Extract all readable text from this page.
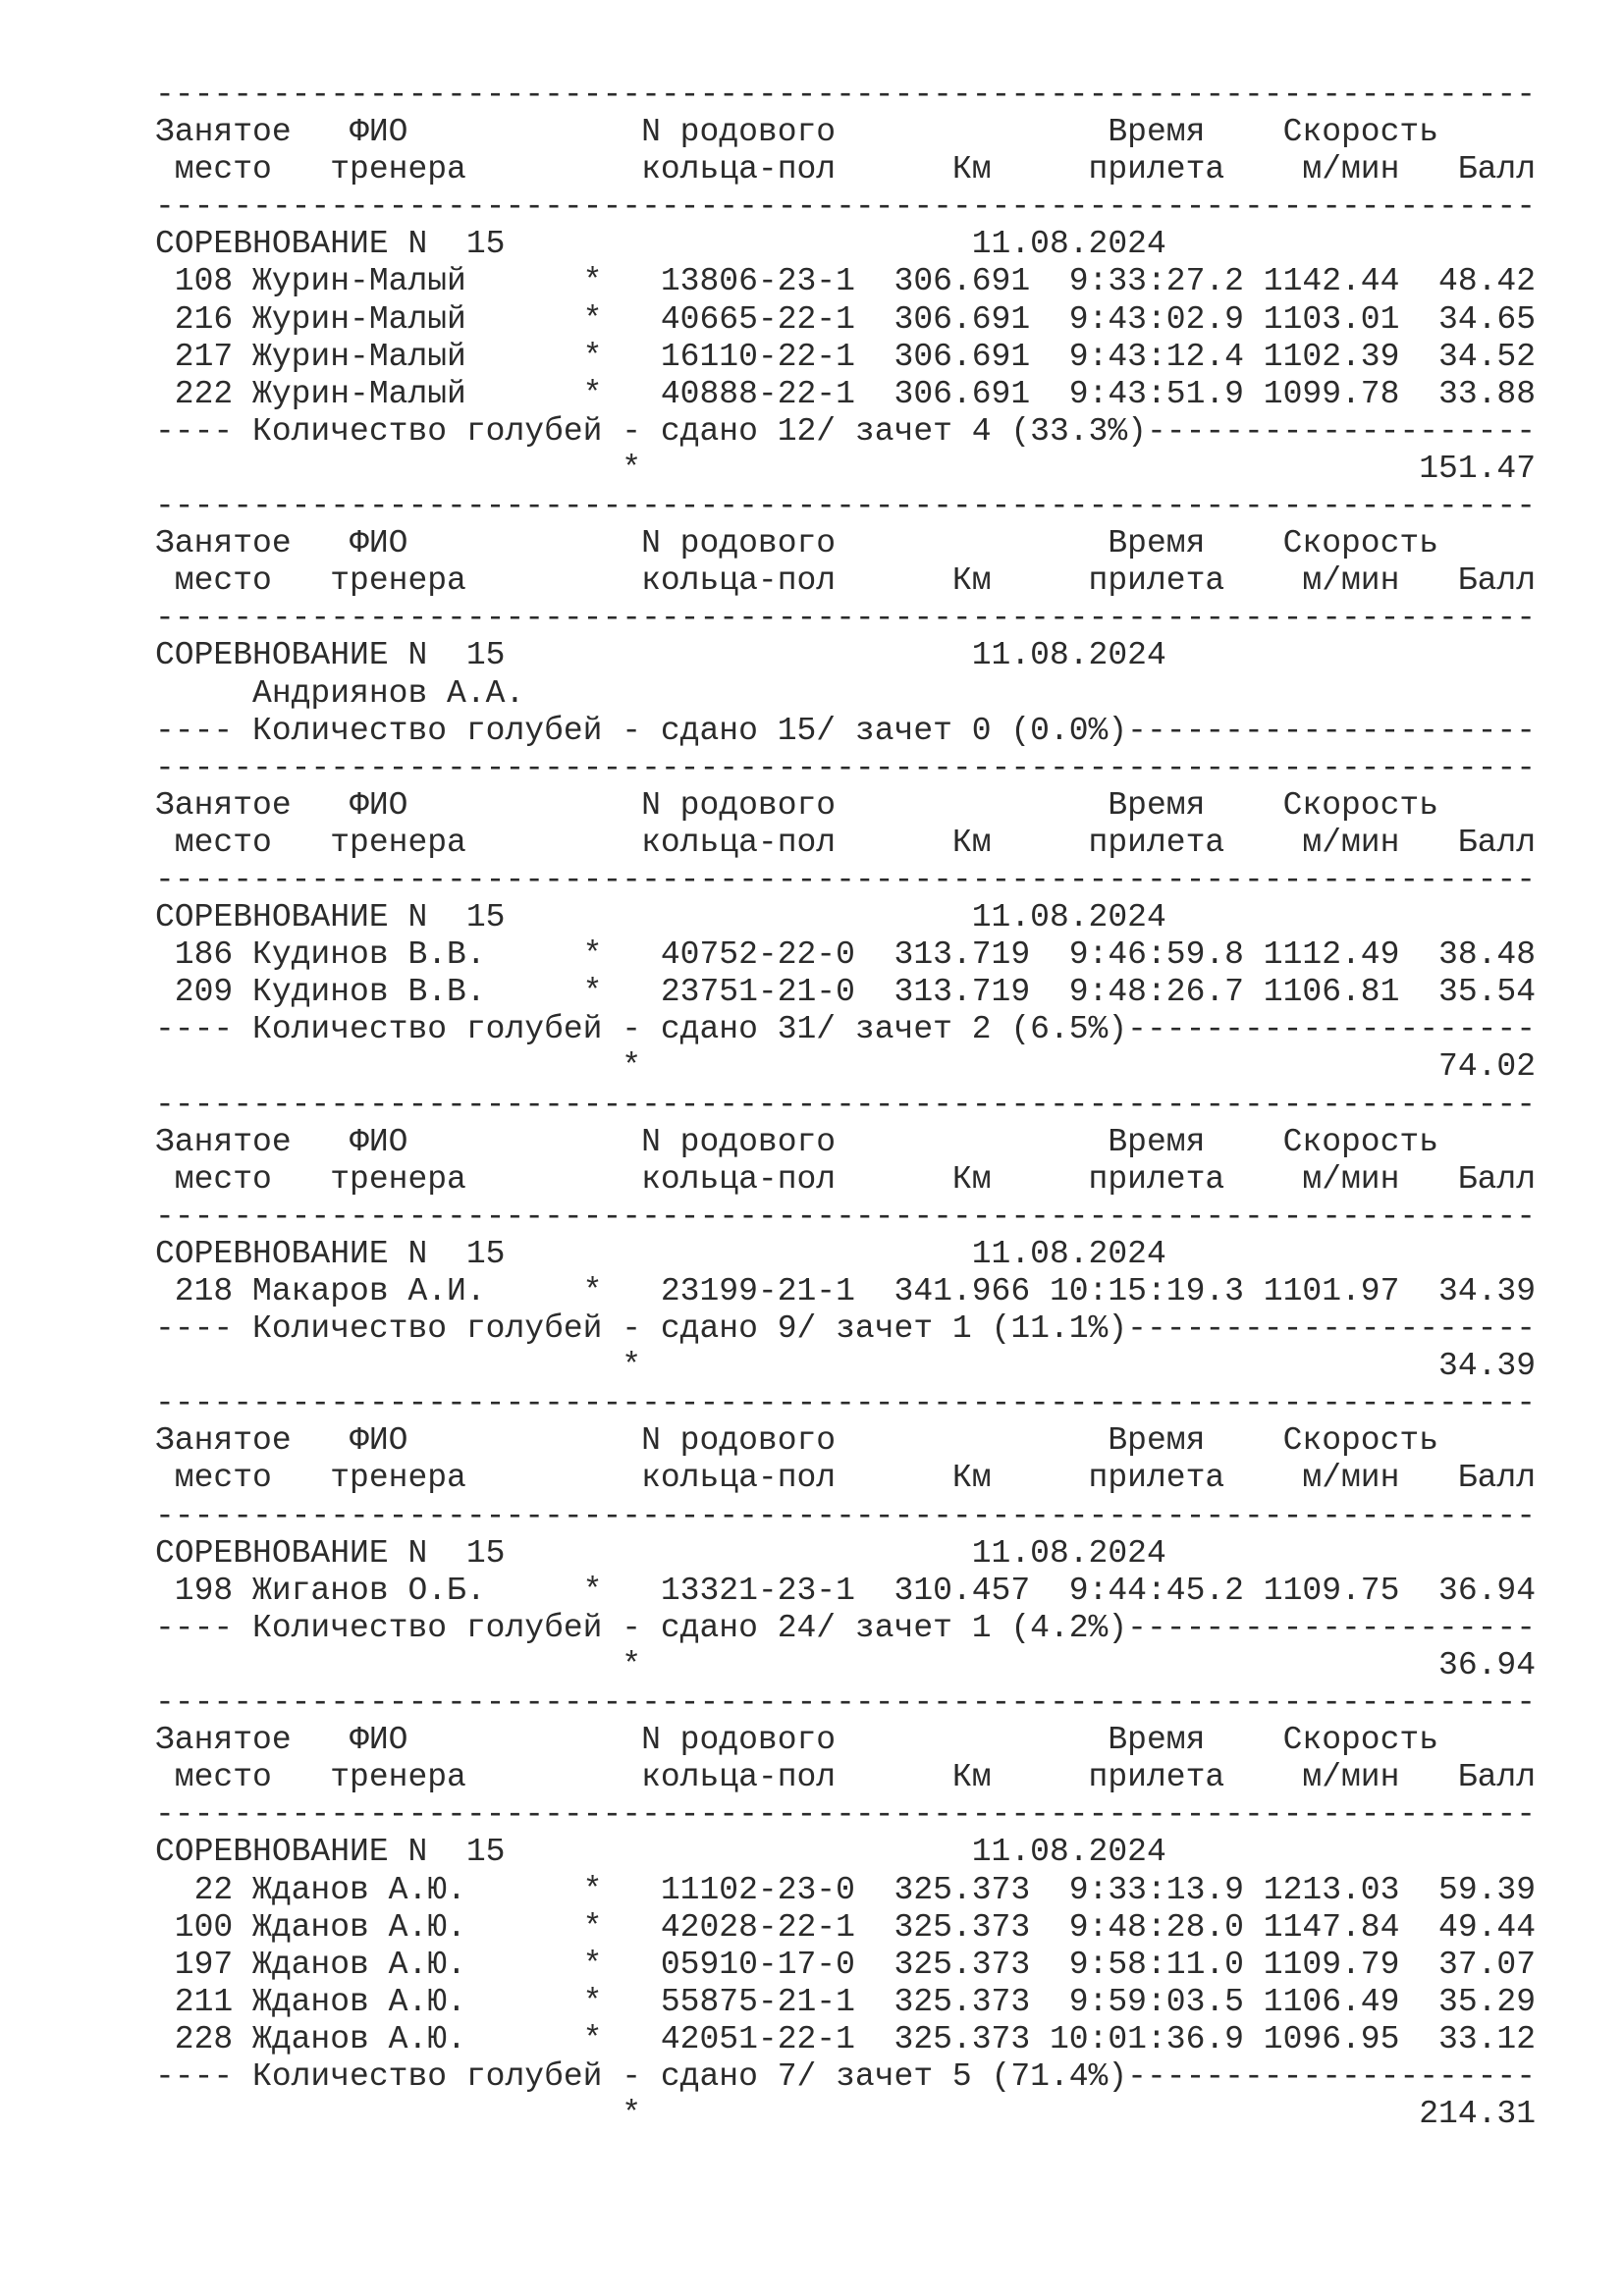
-----------------------------------------------------------------------
Занятое   ФИО            N родового              Время    Скорость
место   тренера         кольца-пол      Км     прилета    м/мин   Балл
-----------------------------------------------------------------------
СОРЕВНОВАНИЕ N  15                        11.08.2024
108 Журин-Малый      *   13806-23-1  306.691  9:33:27.2 1142.44  48.42
216 Журин-Малый      *   40665-22-1  306.691  9:43:02.9 1103.01  34.65
217 Журин-Малый      *   16110-22-1  306.691  9:43:12.4 1102.39  34.52
222 Журин-Малый      *   40888-22-1  306.691  9:43:51.9 1099.78  33.88
---- Количество голубей - сдано 12/ зачет 4 (33.3%)--------------------
*                                        151.47
-----------------------------------------------------------------------
Занятое   ФИО            N родового              Время    Скорость
место   тренера         кольца-пол      Км     прилета    м/мин   Балл
-----------------------------------------------------------------------
СОРЕВНОВАНИЕ N  15                        11.08.2024
Андриянов А.А.
---- Количество голубей - сдано 15/ зачет 0 (0.0%)---------------------
-----------------------------------------------------------------------
Занятое   ФИО            N родового              Время    Скорость
место   тренера         кольца-пол      Км     прилета    м/мин   Балл
-----------------------------------------------------------------------
СОРЕВНОВАНИЕ N  15                        11.08.2024
186 Кудинов В.В.     *   40752-22-0  313.719  9:46:59.8 1112.49  38.48
209 Кудинов В.В.     *   23751-21-0  313.719  9:48:26.7 1106.81  35.54
---- Количество голубей - сдано 31/ зачет 2 (6.5%)---------------------
*                                         74.02
-----------------------------------------------------------------------
Занятое   ФИО            N родового              Время    Скорость
место   тренера         кольца-пол      Км     прилета    м/мин   Балл
-----------------------------------------------------------------------
СОРЕВНОВАНИЕ N  15                        11.08.2024
218 Макаров А.И.     *   23199-21-1  341.966 10:15:19.3 1101.97  34.39
---- Количество голубей - сдано 9/ зачет 1 (11.1%)---------------------
*                                         34.39
-----------------------------------------------------------------------
Занятое   ФИО            N родового              Время    Скорость
место   тренера         кольца-пол      Км     прилета    м/мин   Балл
-----------------------------------------------------------------------
СОРЕВНОВАНИЕ N  15                        11.08.2024
198 Жиганов О.Б.     *   13321-23-1  310.457  9:44:45.2 1109.75  36.94
---- Количество голубей - сдано 24/ зачет 1 (4.2%)---------------------
*                                         36.94
-----------------------------------------------------------------------
Занятое   ФИО            N родового              Время    Скорость
место   тренера         кольца-пол      Км     прилета    м/мин   Балл
-----------------------------------------------------------------------
СОРЕВНОВАНИЕ N  15                        11.08.2024
22 Жданов А.Ю.      *   11102-23-0  325.373  9:33:13.9 1213.03  59.39
100 Жданов А.Ю.      *   42028-22-1  325.373  9:48:28.0 1147.84  49.44
197 Жданов А.Ю.      *   05910-17-0  325.373  9:58:11.0 1109.79  37.07
211 Жданов А.Ю.      *   55875-21-1  325.373  9:59:03.5 1106.49  35.29
228 Жданов А.Ю.      *   42051-22-1  325.373 10:01:36.9 1096.95  33.12
---- Количество голубей - сдано 7/ зачет 5 (71.4%)---------------------
*                                        214.31
